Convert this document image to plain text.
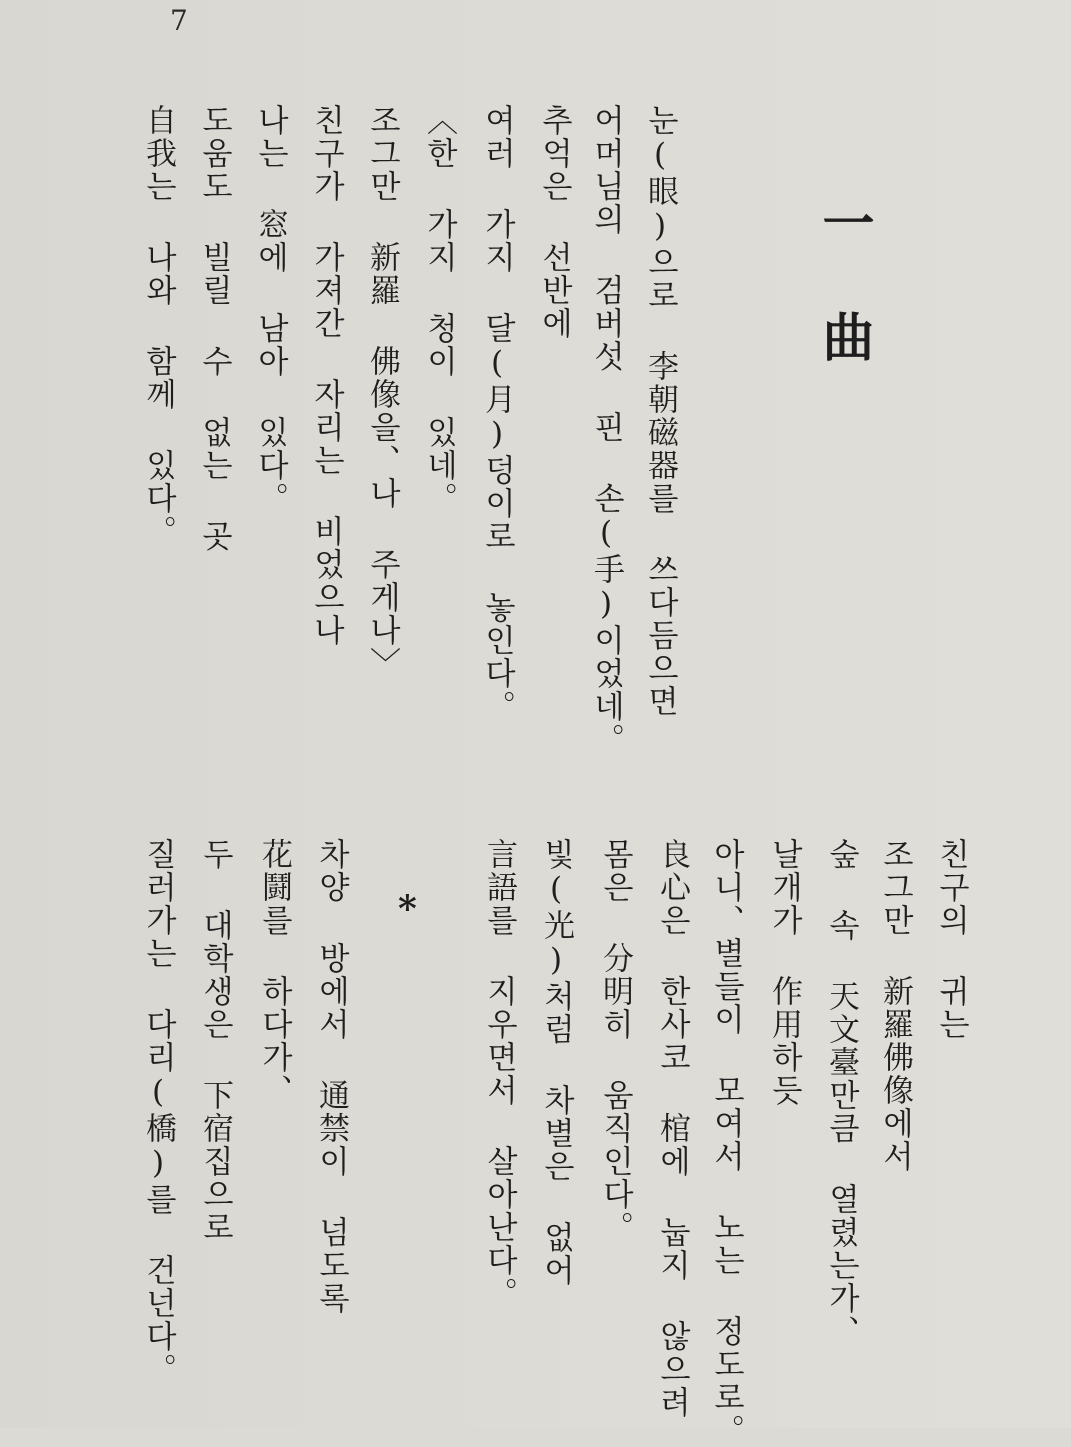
7
一 曲
눈(眼)으로 李朝磁器를 쓰다듬으면
어머님의 검버섯 핀 손(手)이었네。
추억은 선반에
여러 가지 달(月)덩이로 놓인다。
〈한 가지 청이 있네。
조그만 新羅 佛像을、나 주게나〉
친구가 가져간 자리는 비었으나
나는 窓에 남아 있다。
도움도 빌릴 수 없는 곳
自我는 나와 함께 있다。
친구의 귀는
조그만 新羅佛像에서
숲 속 天文臺만큼 열렸는가、
날개가 作用하듯
아니、별들이 모여서 노는 정도로。
良心은 한사코 棺에 눕지 않으려
몸은 分明히 움직인다。
빛(光)처럼 차별은 없어
言語를 지우면서 살아난다。
*
차양 방에서 通禁이 넘도록
花鬪를 하다가、
두 대학생은 下宿집으로
질러가는 다리(橋)를 건넌다。
